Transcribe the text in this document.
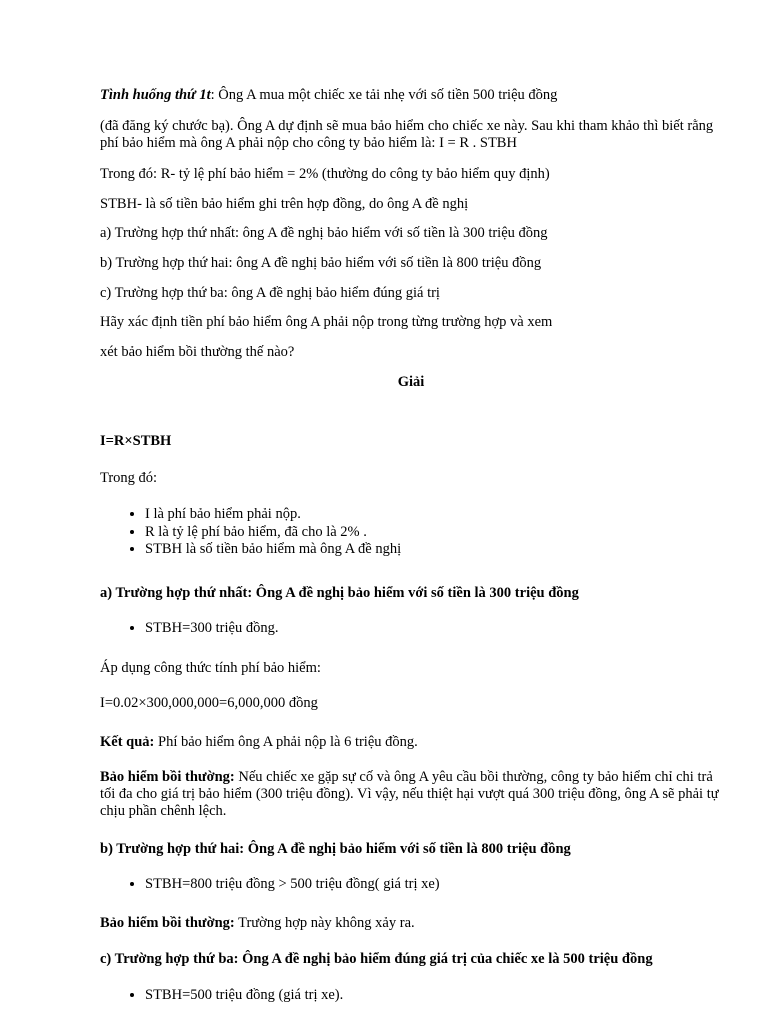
Tình huống thứ 1t: Ông A mua một chiếc xe tải nhẹ với số tiền 500 triệu đồng

(đã đăng ký chước bạ). Ông A dự định sẽ mua bảo hiểm cho chiếc xe này. Sau khi tham khảo thì biết rằng phí bảo hiểm mà ông A phải nộp cho công ty bảo hiểm là: I = R . STBH

Trong đó: R- tỷ lệ phí bảo hiểm = 2% (thường do công ty bảo hiểm quy định)

STBH- là số tiền bảo hiểm ghi trên hợp đồng, do ông A đề nghị

a) Trường hợp thứ nhất: ông A đề nghị bảo hiểm với số tiền là 300 triệu đồng

b) Trường hợp thứ hai: ông A đề nghị bảo hiểm với số tiền là 800 triệu đồng

c) Trường hợp thứ ba: ông A đề nghị bảo hiểm đúng giá trị

Hãy xác định tiền phí bảo hiểm ông A phải nộp trong từng trường hợp và xem

xét bảo hiểm bồi thường thế nào?

Giải

I=R×STBH

Trong đó:

• I là phí bảo hiểm phải nộp.
• R là tỷ lệ phí bảo hiểm, đã cho là 2% .
• STBH là số tiền bảo hiểm mà ông A đề nghị

a) Trường hợp thứ nhất: Ông A đề nghị bảo hiểm với số tiền là 300 triệu đồng

• STBH=300 triệu đồng.

Áp dụng công thức tính phí bảo hiểm:

I=0.02×300,000,000=6,000,000 đồng

Kết quả: Phí bảo hiểm ông A phải nộp là 6 triệu đồng.

Bảo hiểm bồi thường: Nếu chiếc xe gặp sự cố và ông A yêu cầu bồi thường, công ty bảo hiểm chỉ chi trả tối đa cho giá trị bảo hiểm (300 triệu đồng). Vì vậy, nếu thiệt hại vượt quá 300 triệu đồng, ông A sẽ phải tự chịu phần chênh lệch.

b) Trường hợp thứ hai: Ông A đề nghị bảo hiểm với số tiền là 800 triệu đồng

• STBH=800 triệu đồng > 500 triệu đồng( giá trị xe)

Bảo hiểm bồi thường: Trường hợp này không xảy ra.

c) Trường hợp thứ ba: Ông A đề nghị bảo hiểm đúng giá trị của chiếc xe là 500 triệu đồng

• STBH=500 triệu đồng (giá trị xe).
